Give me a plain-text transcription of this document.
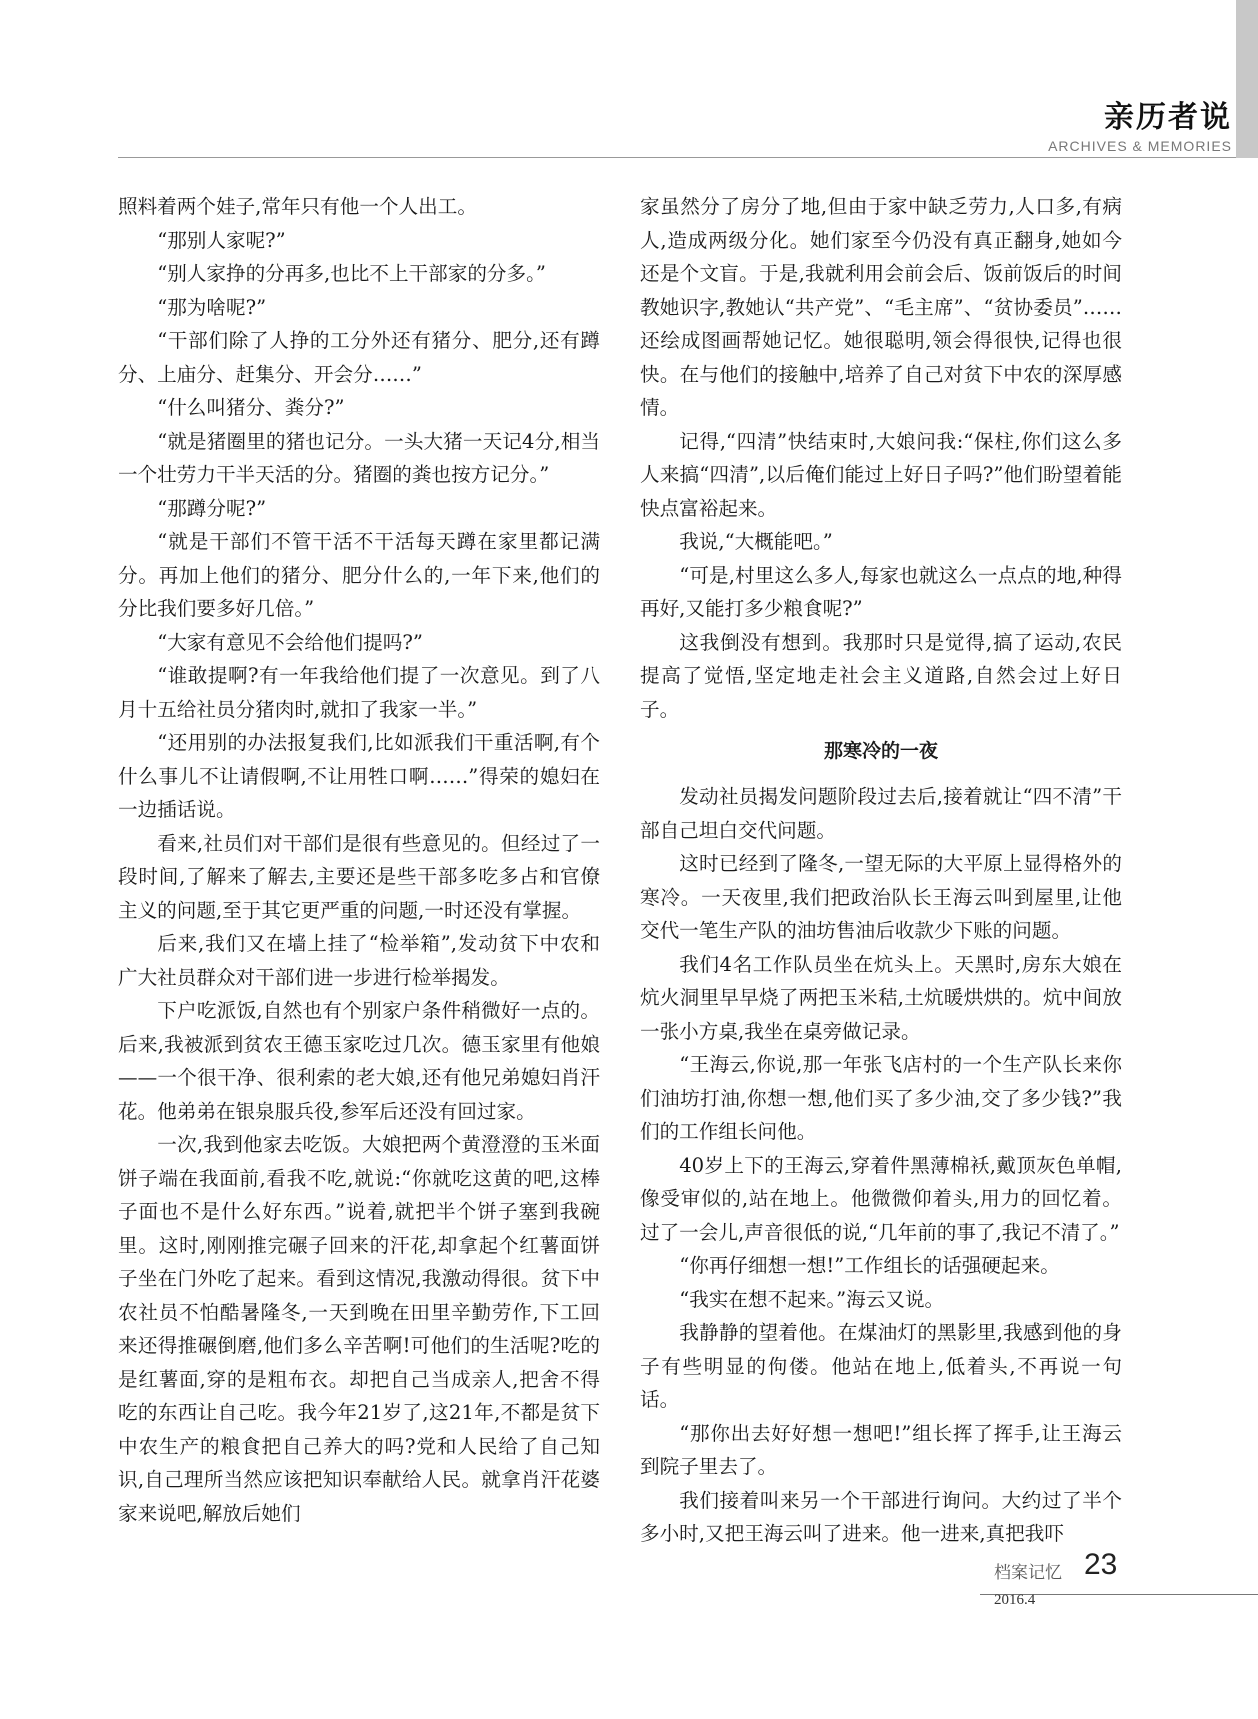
亲历者说
ARCHIVES & MEMORIES

照料着两个娃子,常年只有他一个人出工。

“那别人家呢?”

“别人家挣的分再多,也比不上干部家的分多。”

“那为啥呢?”

“干部们除了人挣的工分外还有猪分、肥分,还有蹲分、上庙分、赶集分、开会分……”

“什么叫猪分、粪分?”

“就是猪圈里的猪也记分。一头大猪一天记4分,相当一个壮劳力干半天活的分。猪圈的粪也按方记分。”

“那蹲分呢?”

“就是干部们不管干活不干活每天蹲在家里都记满分。再加上他们的猪分、肥分什么的,一年下来,他们的分比我们要多好几倍。”

“大家有意见不会给他们提吗?”

“谁敢提啊?有一年我给他们提了一次意见。到了八月十五给社员分猪肉时,就扣了我家一半。”

“还用别的办法报复我们,比如派我们干重活啊,有个什么事儿不让请假啊,不让用牲口啊……”得荣的媳妇在一边插话说。

看来,社员们对干部们是很有些意见的。但经过了一段时间,了解来了解去,主要还是些干部多吃多占和官僚主义的问题,至于其它更严重的问题,一时还没有掌握。

后来,我们又在墙上挂了“检举箱”,发动贫下中农和广大社员群众对干部们进一步进行检举揭发。

下户吃派饭,自然也有个别家户条件稍微好一点的。后来,我被派到贫农王德玉家吃过几次。德玉家里有他娘——一个很干净、很利索的老大娘,还有他兄弟媳妇肖汗花。他弟弟在银泉服兵役,参军后还没有回过家。

一次,我到他家去吃饭。大娘把两个黄澄澄的玉米面饼子端在我面前,看我不吃,就说:“你就吃这黄的吧,这棒子面也不是什么好东西。”说着,就把半个饼子塞到我碗里。这时,刚刚推完碾子回来的汗花,却拿起个红薯面饼子坐在门外吃了起来。看到这情况,我激动得很。贫下中农社员不怕酷暑隆冬,一天到晚在田里辛勤劳作,下工回来还得推碾倒磨,他们多么辛苦啊!可他们的生活呢?吃的是红薯面,穿的是粗布衣。却把自己当成亲人,把舍不得吃的东西让自己吃。我今年21岁了,这21年,不都是贫下中农生产的粮食把自己养大的吗?党和人民给了自己知识,自己理所当然应该把知识奉献给人民。就拿肖汗花婆家来说吧,解放后她们

家虽然分了房分了地,但由于家中缺乏劳力,人口多,有病人,造成两级分化。她们家至今仍没有真正翻身,她如今还是个文盲。于是,我就利用会前会后、饭前饭后的时间教她识字,教她认“共产党”、“毛主席”、“贫协委员”……还绘成图画帮她记忆。她很聪明,领会得很快,记得也很快。在与他们的接触中,培养了自己对贫下中农的深厚感情。

记得,“四清”快结束时,大娘问我:“保柱,你们这么多人来搞“四清”,以后俺们能过上好日子吗?”他们盼望着能快点富裕起来。

我说,“大概能吧。”

“可是,村里这么多人,每家也就这么一点点的地,种得再好,又能打多少粮食呢?”

这我倒没有想到。我那时只是觉得,搞了运动,农民提高了觉悟,坚定地走社会主义道路,自然会过上好日子。

那寒冷的一夜

发动社员揭发问题阶段过去后,接着就让“四不清”干部自己坦白交代问题。

这时已经到了隆冬,一望无际的大平原上显得格外的寒冷。一天夜里,我们把政治队长王海云叫到屋里,让他交代一笔生产队的油坊售油后收款少下账的问题。

我们4名工作队员坐在炕头上。天黑时,房东大娘在炕火洞里早早烧了两把玉米秸,土炕暖烘烘的。炕中间放一张小方桌,我坐在桌旁做记录。

“王海云,你说,那一年张飞店村的一个生产队长来你们油坊打油,你想一想,他们买了多少油,交了多少钱?”我们的工作组长问他。

40岁上下的王海云,穿着件黑薄棉袄,戴顶灰色单帽,像受审似的,站在地上。他微微仰着头,用力的回忆着。过了一会儿,声音很低的说,“几年前的事了,我记不清了。”

“你再仔细想一想!”工作组长的话强硬起来。

“我实在想不起来。”海云又说。

我静静的望着他。在煤油灯的黑影里,我感到他的身子有些明显的佝偻。他站在地上,低着头,不再说一句话。

“那你出去好好想一想吧!”组长挥了挥手,让王海云到院子里去了。

我们接着叫来另一个干部进行询问。大约过了半个多小时,又把王海云叫了进来。他一进来,真把我吓

档案记忆 23
2016.4
